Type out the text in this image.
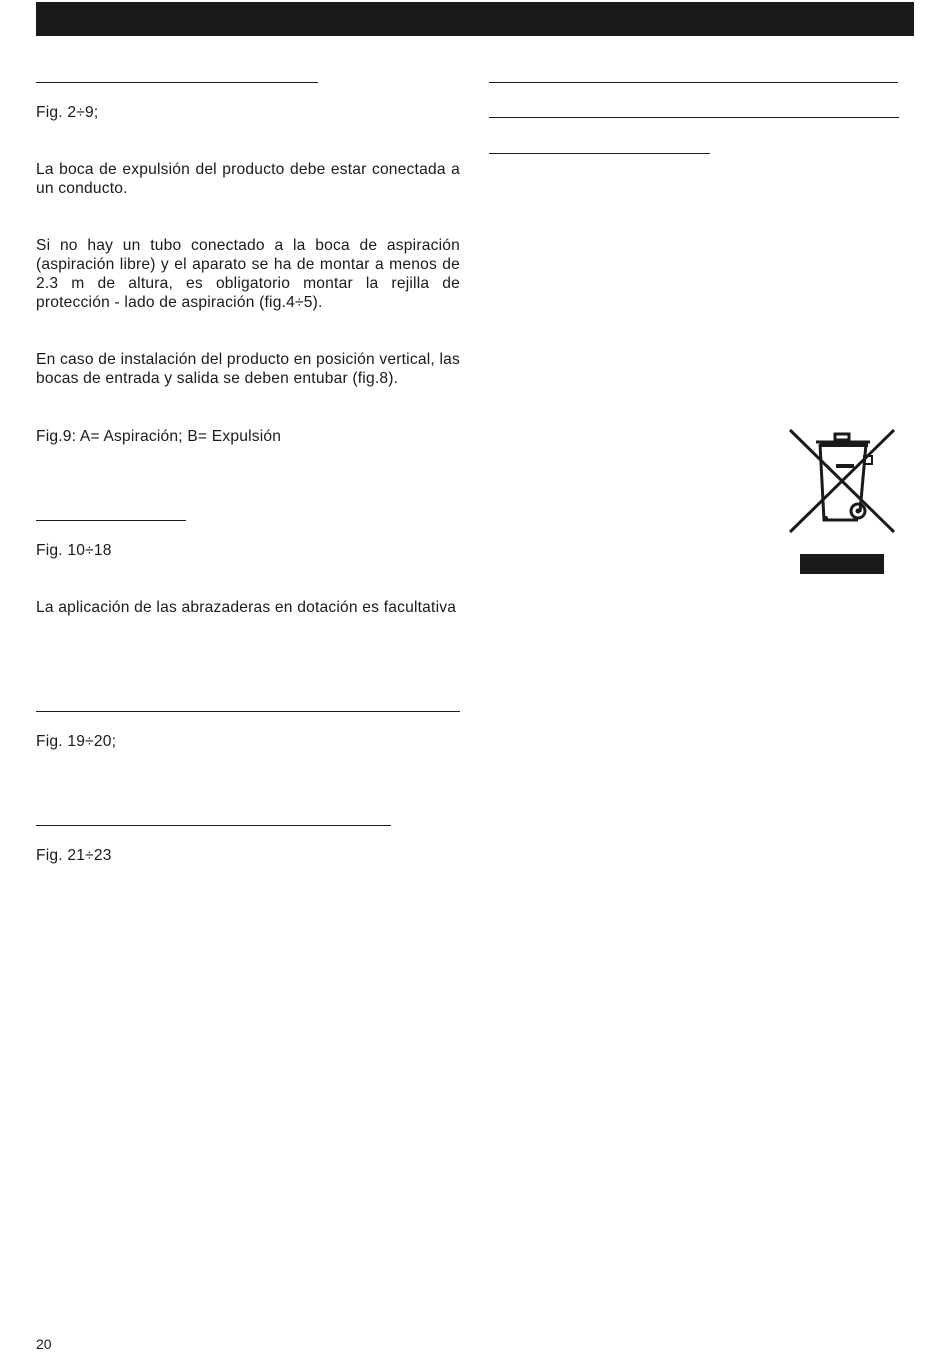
Fig. 2÷9;
La boca de expulsión del producto debe estar conectada a un conducto.
Si no hay un tubo conectado a la boca de aspiración (aspiración libre) y el aparato se ha de montar a menos de 2.3 m de altura, es obligatorio montar la rejilla de protección - lado de aspiración (fig.4÷5).
En caso de instalación del producto en posición vertical, las bocas de entrada y salida se deben entubar (fig.8).
Fig.9: A= Aspiración; B= Expulsión
Fig. 10÷18
La aplicación de las abrazaderas en dotación es facultativa
Fig. 19÷20;
Fig. 21÷23
20
